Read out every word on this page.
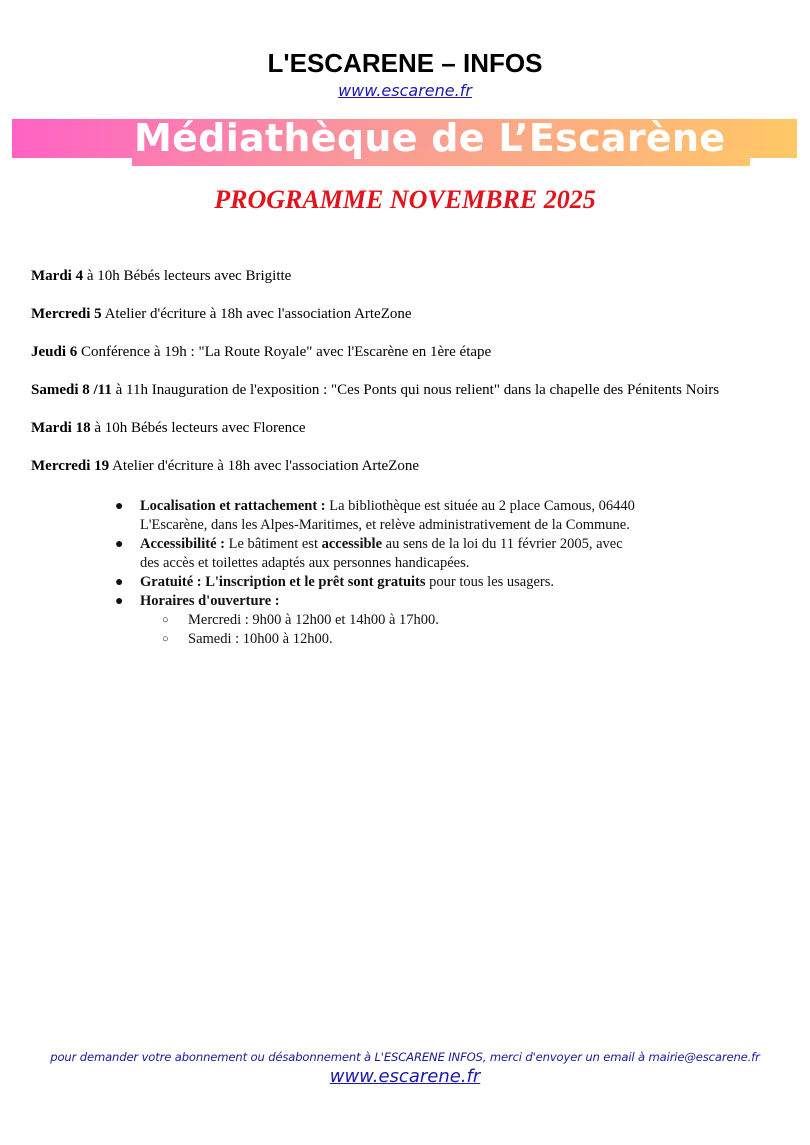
L'ESCARENE – INFOS
www.escarene.fr
Médiathèque de L’Escarène
PROGRAMME NOVEMBRE 2025
Mardi 4 à 10h Bébés lecteurs avec Brigitte
Mercredi 5 Atelier d'écriture à 18h avec l'association ArteZone
Jeudi 6 Conférence à 19h : "La Route Royale" avec l'Escarène en 1ère étape
Samedi 8 /11 à 11h Inauguration de l'exposition : "Ces Ponts qui nous relient" dans la chapelle des Pénitents Noirs
Mardi 18 à 10h Bébés lecteurs avec Florence
Mercredi 19 Atelier d'écriture à 18h avec l'association ArteZone
● Localisation et rattachement : La bibliothèque est située au 2 place Camous, 06440
L'Escarène, dans les Alpes-Maritimes, et relève administrativement de la Commune.
● Accessibilité : Le bâtiment est accessible au sens de la loi du 11 février 2005, avec
des accès et toilettes adaptés aux personnes handicapées.
● Gratuité : L'inscription et le prêt sont gratuits pour tous les usagers.
● Horaires d'ouverture :
○ Mercredi : 9h00 à 12h00 et 14h00 à 17h00.
○ Samedi : 10h00 à 12h00.
pour demander votre abonnement ou désabonnement à L'ESCARENE INFOS, merci d'envoyer un email à mairie@escarene.fr
www.escarene.fr
